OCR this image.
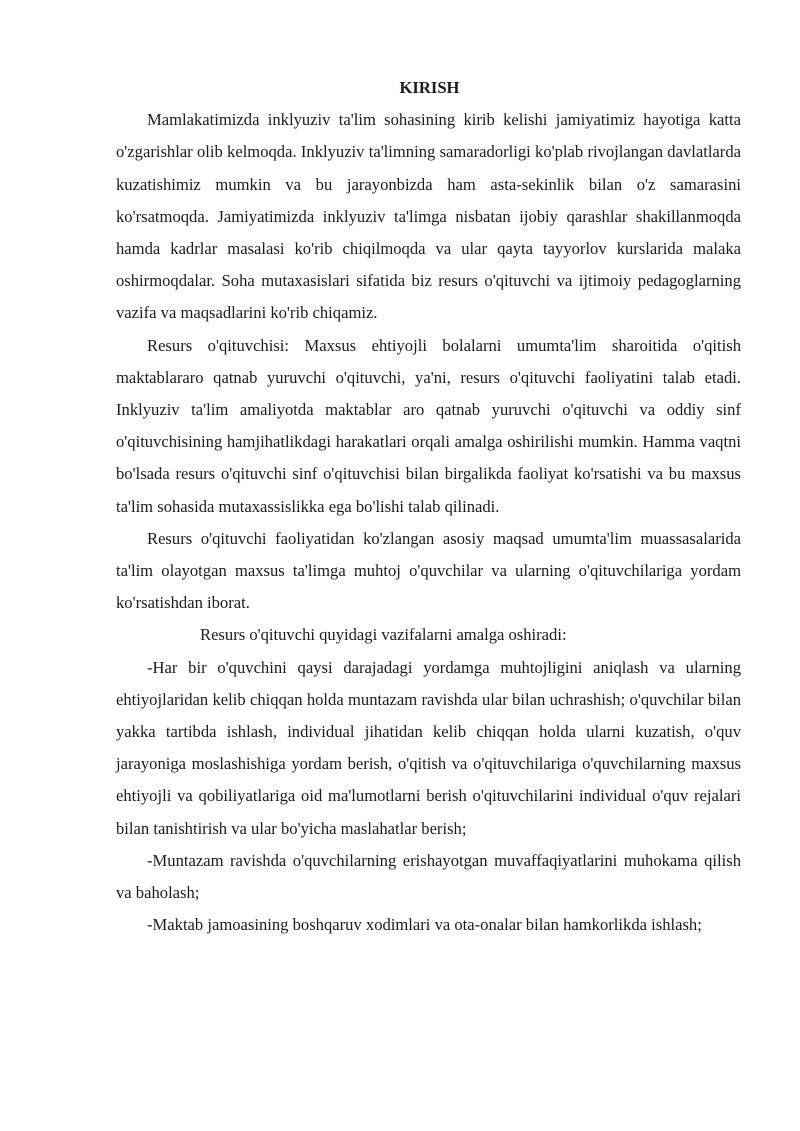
KIRISH

Mamlakatimizda inklyuziv ta'lim sohasining kirib kelishi jamiyatimiz hayotiga katta o'zgarishlar olib kelmoqda. Inklyuziv ta'limning samaradorligi ko'plab rivojlangan davlatlarda kuzatishimiz mumkin va bu jarayonbizda ham asta-sekinlik bilan o'z samarasini ko'rsatmoqda. Jamiyatimizda inklyuziv ta'limga nisbatan ijobiy qarashlar shakillanmoqda hamda kadrlar masalasi ko'rib chiqilmoqda va ular qayta tayyorlov kurslarida malaka oshirmoqdalar. Soha mutaxasislari sifatida biz resurs o'qituvchi va ijtimoiy pedagoglarning vazifa va maqsadlarini ko'rib chiqamiz.

Resurs o'qituvchisi: Maxsus ehtiyojli bolalarni umumta'lim sharoitida o'qitish maktablararo qatnab yuruvchi o'qituvchi, ya'ni, resurs o'qituvchi faoliyatini talab etadi. Inklyuziv ta'lim amaliyotda maktablar aro qatnab yuruvchi o'qituvchi va oddiy sinf o'qituvchisining hamjihatlikdagi harakatlari orqali amalga oshirilishi mumkin. Hamma vaqtni bo'lsada resurs o'qituvchi sinf o'qituvchisi bilan birgalikda faoliyat ko'rsatishi va bu maxsus ta'lim sohasida mutaxassislikka ega bo'lishi talab qilinadi.

Resurs o'qituvchi faoliyatidan ko'zlangan asosiy maqsad umumta'lim muassasalarida ta'lim olayotgan maxsus ta'limga muhtoj o'quvchilar va ularning o'qituvchilariga yordam ko'rsatishdan iborat.

Resurs o'qituvchi quyidagi vazifalarni amalga oshiradi:

-Har bir o'quvchini qaysi darajadagi yordamga muhtojligini aniqlash va ularning ehtiyojlaridan kelib chiqqan holda muntazam ravishda ular bilan uchrashish; o'quvchilar bilan yakka tartibda ishlash, individual jihatidan kelib chiqqan holda ularni kuzatish, o'quv jarayoniga moslashishiga yordam berish, o'qitish va o'qituvchilariga o'quvchilarning maxsus ehtiyojli va qobiliyatlariga oid ma'lumotlarni berish o'qituvchilarini individual o'quv rejalari bilan tanishtirish va ular bo'yicha maslahatlar berish;

-Muntazam ravishda o'quvchilarning erishayotgan muvaffaqiyatlarini muhokama qilish va baholash;

-Maktab jamoasining boshqaruv xodimlari va ota-onalar bilan hamkorlikda ishlash;
